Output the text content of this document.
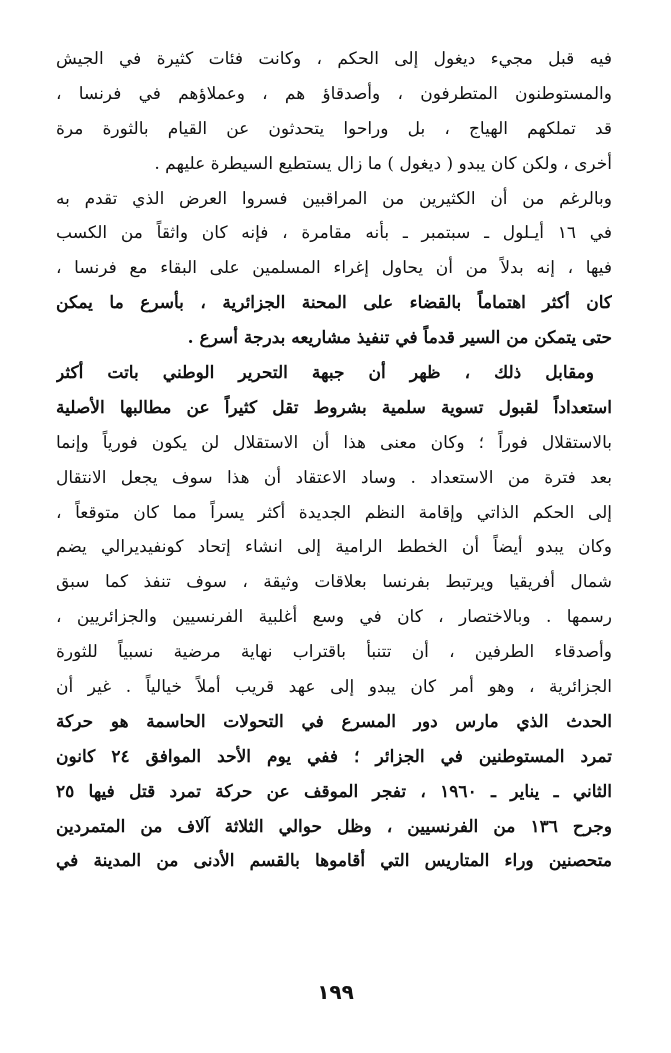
فيه قبل مجيء ديغول إلى الحكم ، وكانت فئات كثيرة في الجيش
والمستوطنون المتطرفون ، وأصدقاؤ هم ، وعملاؤهم في فرنسا ،
قد تملكهم الهياج ، بل وراحوا يتحدثون عن القيام بالثورة مرة
أخرى ، ولكن كان يبدو ( ديغول ) ما زال يستطيع السيطرة عليهم .
وبالرغم من أن الكثيرين من المراقبين فسروا العرض الذي تقدم به
في ١٦ أيـلول ـ سبتمبر ـ بأنه مقامرة ، فإنه كان واثقاً من الكسب
فيها ، إنه بدلاً من أن يحاول إغراء المسلمين على البقاء مع فرنسا ،
كان أكثر اهتماماً بالقضاء على المحنة الجزائرية ، بأسرع ما يمكن
حتى يتمكن من السير قدماً في تنفيذ مشاريعه بدرجة أسرع .
ومقابل ذلك ، ظهر أن جبهة التحرير الوطني باتت أكثر
استعداداً لقبول تسوية سلمية بشروط تقل كثيراً عن مطالبها الأصلية
بالاستقلال فوراً ؛ وكان معنى هذا أن الاستقلال لن يكون فورياً وإنما
بعد فترة من الاستعداد . وساد الاعتقاد أن هذا سوف يجعل الانتقال
إلى الحكم الذاتي وإقامة النظم الجديدة أكثر يسراً مما كان متوقعاً ،
وكان يبدو أيضاً أن الخطط الرامية إلى انشاء إتحاد كونفيديرالي يضم
شمال أفريقيا ويرتبط بفرنسا بعلاقات وثيقة ، سوف تنفذ كما سبق
رسمها . وبالاختصار ، كان في وسع أغلبية الفرنسيين والجزائريين ،
وأصدقاء الطرفين ، أن تتنبأ باقتراب نهاية مرضية نسبياً للثورة
الجزائرية ، وهو أمر كان يبدو إلى عهد قريب أملاً خيالياً . غير أن
الحدث الذي مارس دور المسرع في التحولات الحاسمة هو حركة
تمرد المستوطنين في الجزائر ؛ ففي يوم الأحد الموافق ٢٤ كانون
الثاني ـ يناير ـ ١٩٦٠ ، تفجر الموقف عن حركة تمرد قتل فيها ٢٥
وجرح ١٣٦ من الفرنسيين ، وظل حوالي الثلاثة آلاف من المتمردين
متحصنين وراء المتاريس التي أقاموها بالقسم الأدنى من المدينة في
١٩٩
